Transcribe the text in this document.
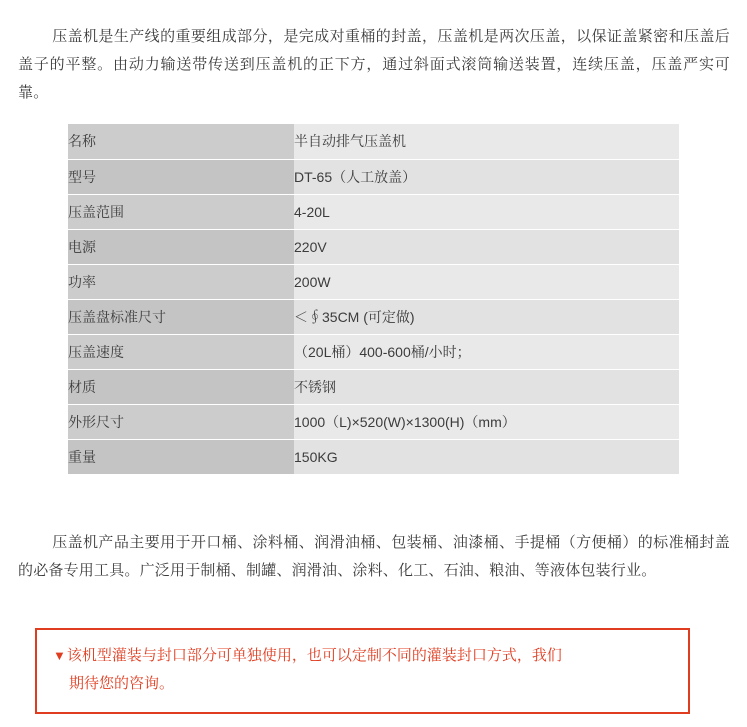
压盖机是生产线的重要组成部分，是完成对重桶的封盖，压盖机是两次压盖，以保证盖紧密和压盖后盖子的平整。由动力输送带传送到压盖机的正下方，通过斜面式滚筒输送装置，连续压盖，压盖严实可靠。

名称	半自动排气压盖机
型号	DT-65（人工放盖）
压盖范围	4-20L
电源	220V
功率	200W
压盖盘标准尺寸	＜∮35CM (可定做)
压盖速度	（20L桶）400-600桶/小时；
材质	不锈钢
外形尺寸	1000（L)×520(W)×1300(H)（mm）
重量	150KG

压盖机产品主要用于开口桶、涂料桶、润滑油桶、包装桶、油漆桶、手提桶（方便桶）的标准桶封盖的必备专用工具。广泛用于制桶、制罐、润滑油、涂料、化工、石油、粮油、等液体包装行业。

▼该机型灌装与封口部分可单独使用，也可以定制不同的灌装封口方式，我们
期待您的咨询。
